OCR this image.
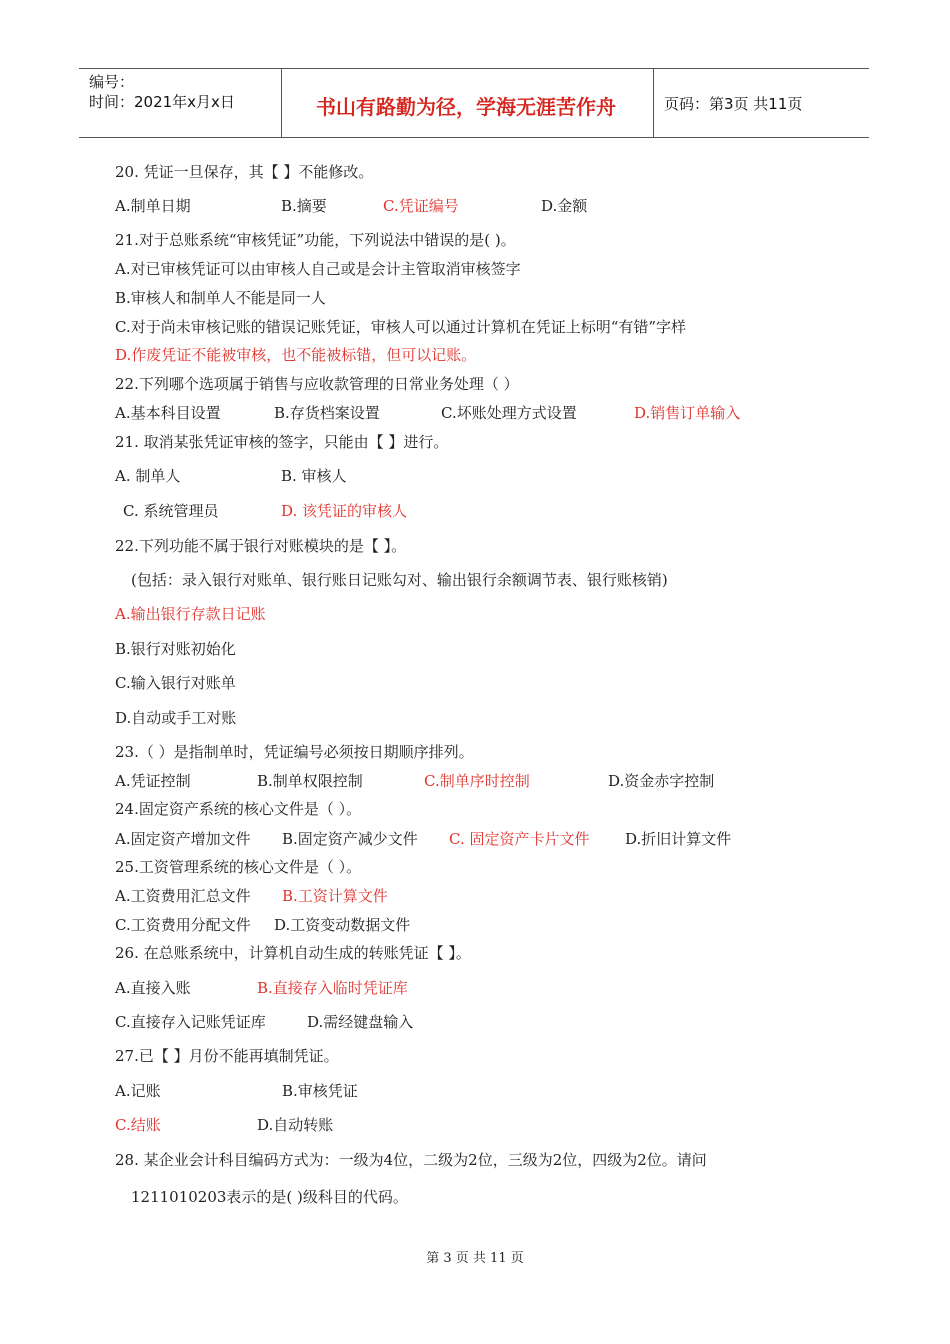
编号：
时间：2021年x月x日	书山有路勤为径，学海无涯苦作舟	页码：第3页 共11页
20. 凭证一旦保存，其【 】不能修改。
A.制单日期	B.摘要	C.凭证编号	D.金额
21.对于总账系统“审核凭证”功能，下列说法中错误的是( )。
A.对已审核凭证可以由审核人自己或是会计主管取消审核签字
B.审核人和制单人不能是同一人
C.对于尚未审核记账的错误记账凭证，审核人可以通过计算机在凭证上标明“有错”字样
D.作废凭证不能被审核，也不能被标错，但可以记账。
22.下列哪个选项属于销售与应收款管理的日常业务处理（ ）
A.基本科目设置	B.存货档案设置	C.坏账处理方式设置	D.销售订单输入
21. 取消某张凭证审核的签字，只能由【 】进行。
A. 制单人	B. 审核人
C. 系统管理员	D. 该凭证的审核人
22.下列功能不属于银行对账模块的是【 】。
(包括：录入银行对账单、银行账日记账勾对、输出银行余额调节表、银行账核销)
A.输出银行存款日记账
B.银行对账初始化
C.输入银行对账单
D.自动或手工对账
23.（ ）是指制单时，凭证编号必须按日期顺序排列。
A.凭证控制	B.制单权限控制	C.制单序时控制	D.资金赤字控制
24.固定资产系统的核心文件是（ ）。
A.固定资产增加文件 B.固定资产减少文件 C. 固定资产卡片文件 D.折旧计算文件
25.工资管理系统的核心文件是（ ）。
A.工资费用汇总文件 B.工资计算文件
C.工资费用分配文件 D.工资变动数据文件
26. 在总账系统中，计算机自动生成的转账凭证【 】。
A.直接入账	B.直接存入临时凭证库
C.直接存入记账凭证库	D.需经键盘输入
27.已【 】月份不能再填制凭证。
A.记账	B.审核凭证
C.结账	D.自动转账
28. 某企业会计科目编码方式为：一级为4位，二级为2位，三级为2位，四级为2位。请问
1211010203表示的是( )级科目的代码。
第 3 页 共 11 页
